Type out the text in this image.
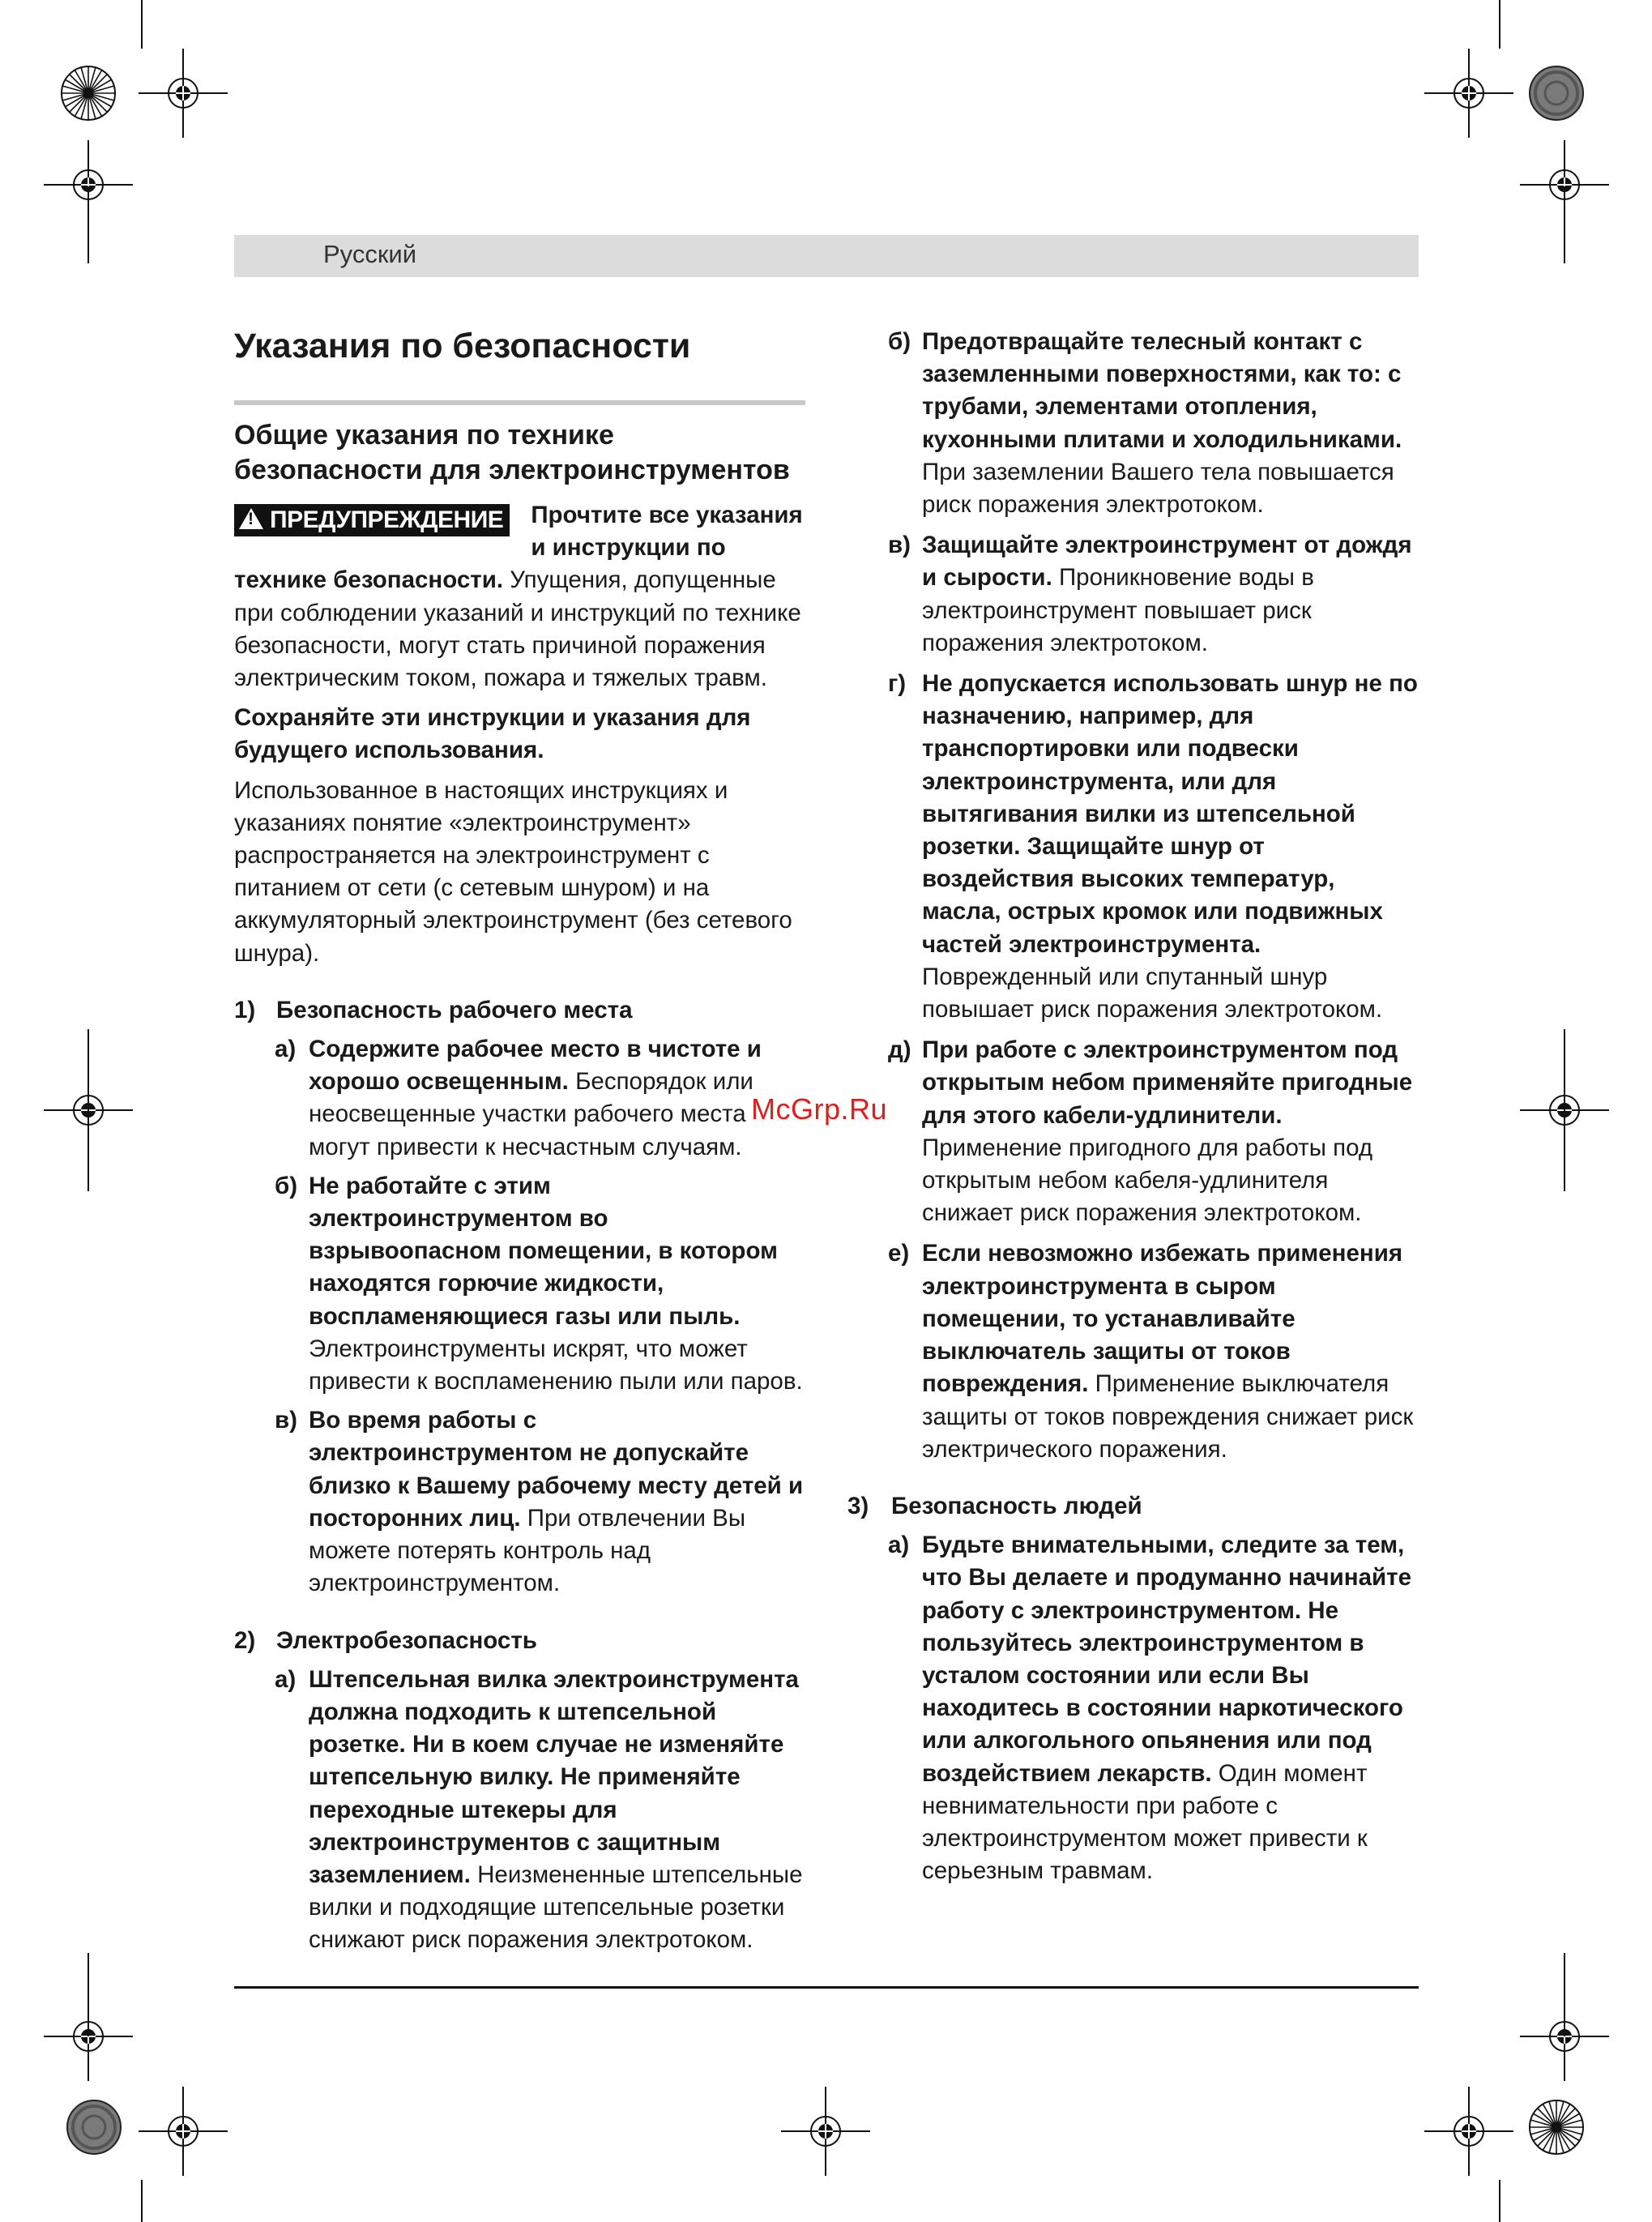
Русский
McGrp.Ru
Указания по безопасности
Общие указания по технике безопасности для электроинструментов

!ПРЕДУПРЕЖДЕНИЕ Прочтите все указания и инструкции по технике безопасности. Упущения, допущенные при соблюдении указаний и инструкций по технике безопасности, могут стать причиной поражения электрическим током, пожара и тяжелых травм.

Сохраняйте эти инструкции и указания для будущего использования.

Использованное в настоящих инструкциях и указаниях понятие «электроинструмент» распространяется на электроинструмент с питанием от сети (с сетевым шнуром) и на аккумуляторный электроинструмент (без сетевого шнура).

1) Безопасность рабочего места
а) Содержите рабочее место в чистоте и хорошо освещенным. Беспорядок или неосвещенные участки рабочего места могут привести к несчастным случаям.
б) Не работайте с этим электроинструментом во взрывоопасном помещении, в котором находятся горючие жидкости, воспламеняющиеся газы или пыль. Электроинструменты искрят, что может привести к воспламенению пыли или паров.
в) Во время работы с электроинструментом не допускайте близко к Вашему рабочему месту детей и посторонних лиц. При отвлечении Вы можете потерять контроль над электроинструментом.
2) Электробезопасность
а) Штепсельная вилка электроинструмента должна подходить к штепсельной розетке. Ни в коем случае не изменяйте штепсельную вилку. Не применяйте переходные штекеры для электроинструментов с защитным заземлением. Неизмененные штепсельные вилки и подходящие штепсельные розетки снижают риск поражения электротоком.
б) Предотвращайте телесный контакт с заземленными поверхностями, как то: с трубами, элементами отопления, кухонными плитами и холодильниками. При заземлении Вашего тела повышается риск поражения электротоком.
в) Защищайте электроинструмент от дождя и сырости. Проникновение воды в электроинструмент повышает риск поражения электротоком.
г) Не допускается использовать шнур не по назначению, например, для транспортировки или подвески электроинструмента, или для вытягивания вилки из штепсельной розетки. Защищайте шнур от воздействия высоких температур, масла, острых кромок или подвижных частей электроинструмента. Поврежденный или спутанный шнур повышает риск поражения электротоком.
д) При работе с электроинструментом под открытым небом применяйте пригодные для этого кабели-удлинители. Применение пригодного для работы под открытым небом кабеля-удлинителя снижает риск поражения электротоком.
е) Если невозможно избежать применения электроинструмента в сыром помещении, то устанавливайте выключатель защиты от токов повреждения. Применение выключателя защиты от токов повреждения снижает риск электрического поражения.
3) Безопасность людей
а) Будьте внимательными, следите за тем, что Вы делаете и продуманно начинайте работу с электроинструментом. Не пользуйтесь электроинструментом в усталом состоянии или если Вы находитесь в состоянии наркотического или алкогольного опьянения или под воздействием лекарств. Один момент невнимательности при работе с электроинструментом может привести к серьезным травмам.
